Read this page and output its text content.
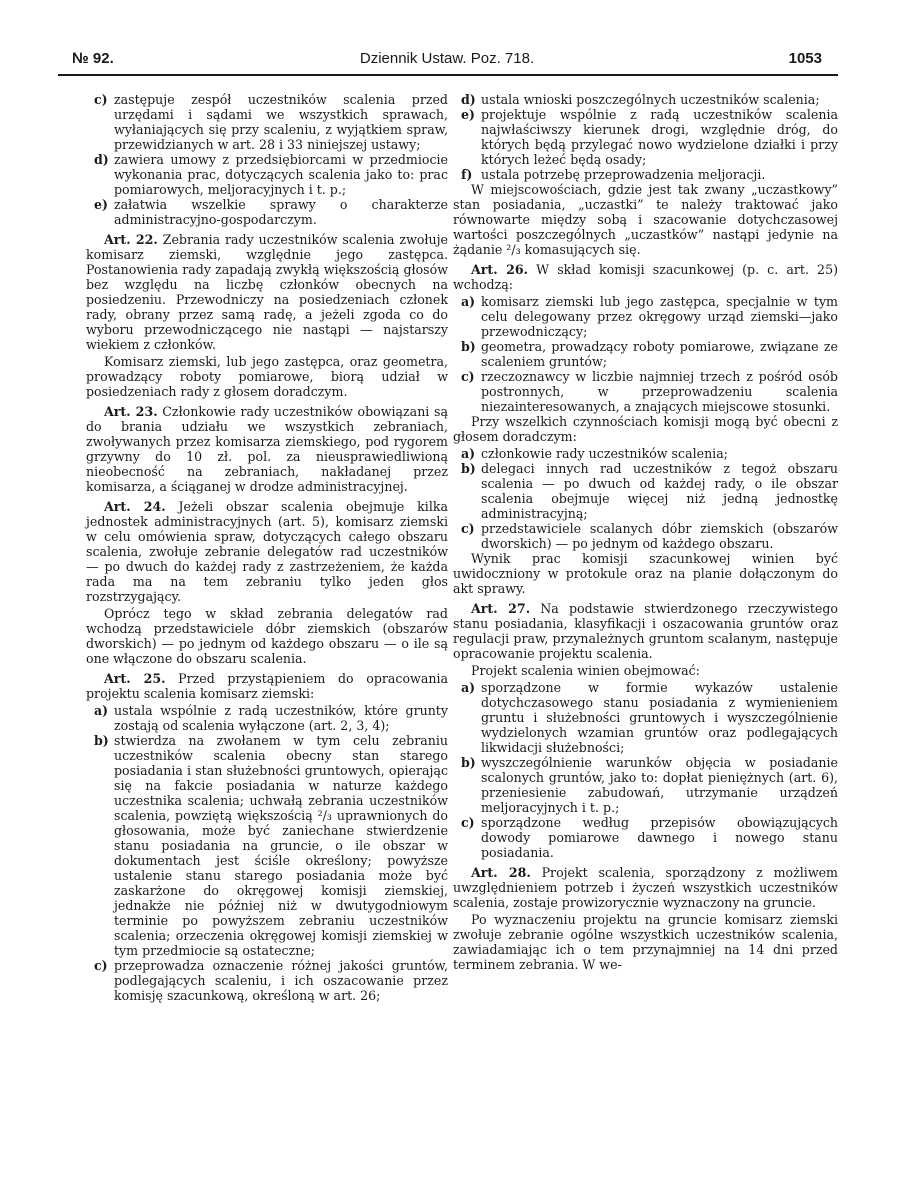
№ 92.	Dziennik Ustaw. Poz. 718.	1053
c) zastępuje zespół uczestników scalenia przed urzędami i sądami we wszystkich sprawach, wyłaniających się przy scaleniu, z wyjątkiem spraw, przewidzianych w art. 28 i 33 niniejszej ustawy;
d) zawiera umowy z przedsiębiorcami w przedmiocie wykonania prac, dotyczących scalenia jako to: prac pomiarowych, meljoracyjnych i t. p.;
e) załatwia wszelkie sprawy o charakterze administracyjno-gospodarczym.

Art. 22. Zebrania rady uczestników scalenia zwołuje komisarz ziemski, względnie jego zastępca. Postanowienia rady zapadają zwykłą większością głosów bez względu na liczbę członków obecnych na posiedzeniu. Przewodniczy na posiedzeniach członek rady, obrany przez samą radę, a jeżeli zgoda co do wyboru przewodniczącego nie nastąpi — najstarszy wiekiem z członków.

Komisarz ziemski, lub jego zastępca, oraz geometra, prowadzący roboty pomiarowe, biorą udział w posiedzeniach rady z głosem doradczym.

Art. 23. Członkowie rady uczestników obowiązani są do brania udziału we wszystkich zebraniach, zwoływanych przez komisarza ziemskiego, pod rygorem grzywny do 10 zł. pol. za nieusprawiedliwioną nieobecność na zebraniach, nakładanej przez komisarza, a ściąganej w drodze administracyjnej.

Art. 24. Jeżeli obszar scalenia obejmuje kilka jednostek administracyjnych (art. 5), komisarz ziemski w celu omówienia spraw, dotyczących całego obszaru scalenia, zwołuje zebranie delegatów rad uczestników — po dwuch do każdej rady z zastrzeżeniem, że każda rada ma na tem zebraniu tylko jeden głos rozstrzygający.

Oprócz tego w skład zebrania delegatów rad wchodzą przedstawiciele dóbr ziemskich (obszarów dworskich) — po jednym od każdego obszaru — o ile są one włączone do obszaru scalenia.

Art. 25. Przed przystąpieniem do opracowania projektu scalenia komisarz ziemski:

a) ustala wspólnie z radą uczestników, które grunty zostają od scalenia wyłączone (art. 2, 3, 4);
b) stwierdza na zwołanem w tym celu zebraniu uczestników scalenia obecny stan starego posiadania i stan służebności gruntowych, opierając się na fakcie posiadania w naturze każdego uczestnika scalenia; uchwałą zebrania uczestników scalenia, powziętą większością ²/₃ uprawnionych do głosowania, może być zaniechane stwierdzenie stanu posiadania na gruncie, o ile obszar w dokumentach jest ściśle określony; powyższe ustalenie stanu starego posiadania może być zaskarżone do okręgowej komisji ziemskiej, jednakże nie później niż w dwutygodniowym terminie po powyższem zebraniu uczestników scalenia; orzeczenia okręgowej komisji ziemskiej w tym przedmiocie są ostateczne;
c) przeprowadza oznaczenie różnej jakości gruntów, podlegających scaleniu, i ich oszacowanie przez komisję szacunkową, określoną w art. 26;
d) ustala wnioski poszczególnych uczestników scalenia;
e) projektuje wspólnie z radą uczestników scalenia najwłaściwszy kierunek drogi, względnie dróg, do których będą przylegać nowo wydzielone działki i przy których leżeć będą osady;
f) ustala potrzebę przeprowadzenia meljoracji.

W miejscowościach, gdzie jest tak zwany „uczastkowy” stan posiadania, „uczastki” te należy traktować jako równowarte między sobą i szacowanie dotychczasowej wartości poszczególnych „uczastków” nastąpi jedynie na żądanie ²/₃ komasujących się.

Art. 26. W skład komisji szacunkowej (p. c. art. 25) wchodzą:

a) komisarz ziemski lub jego zastępca, specjalnie w tym celu delegowany przez okręgowy urząd ziemski—jako przewodniczący;
b) geometra, prowadzący roboty pomiarowe, związane ze scaleniem gruntów;
c) rzeczoznawcy w liczbie najmniej trzech z pośród osób postronnych, w przeprowadzeniu scalenia niezainteresowanych, a znających miejscowe stosunki.

Przy wszelkich czynnościach komisji mogą być obecni z głosem doradczym:

a) członkowie rady uczestników scalenia;
b) delegaci innych rad uczestników z tegoż obszaru scalenia — po dwuch od każdej rady, o ile obszar scalenia obejmuje więcej niż jedną jednostkę administracyjną;
c) przedstawiciele scalanych dóbr ziemskich (obszarów dworskich) — po jednym od każdego obszaru.

Wynik prac komisji szacunkowej winien być uwidoczniony w protokule oraz na planie dołączonym do akt sprawy.

Art. 27. Na podstawie stwierdzonego rzeczywistego stanu posiadania, klasyfikacji i oszacowania gruntów oraz regulacji praw, przynależnych gruntom scalanym, następuje opracowanie projektu scalenia.

Projekt scalenia winien obejmować:

a) sporządzone w formie wykazów ustalenie dotychczasowego stanu posiadania z wymienieniem gruntu i służebności gruntowych i wyszczególnienie wydzielonych wzamian gruntów oraz podlegających likwidacji służebności;
b) wyszczególnienie warunków objęcia w posiadanie scalonych gruntów, jako to: dopłat pieniężnych (art. 6), przeniesienie zabudowań, utrzymanie urządzeń meljoracyjnych i t. p.;
c) sporządzone według przepisów obowiązujących dowody pomiarowe dawnego i nowego stanu posiadania.

Art. 28. Projekt scalenia, sporządzony z możliwem uwzględnieniem potrzeb i życzeń wszystkich uczestników scalenia, zostaje prowizorycznie wyznaczony na gruncie.

Po wyznaczeniu projektu na gruncie komisarz ziemski zwołuje zebranie ogólne wszystkich uczestników scalenia, zawiadamiając ich o tem przynajmniej na 14 dni przed terminem zebrania. W we-
